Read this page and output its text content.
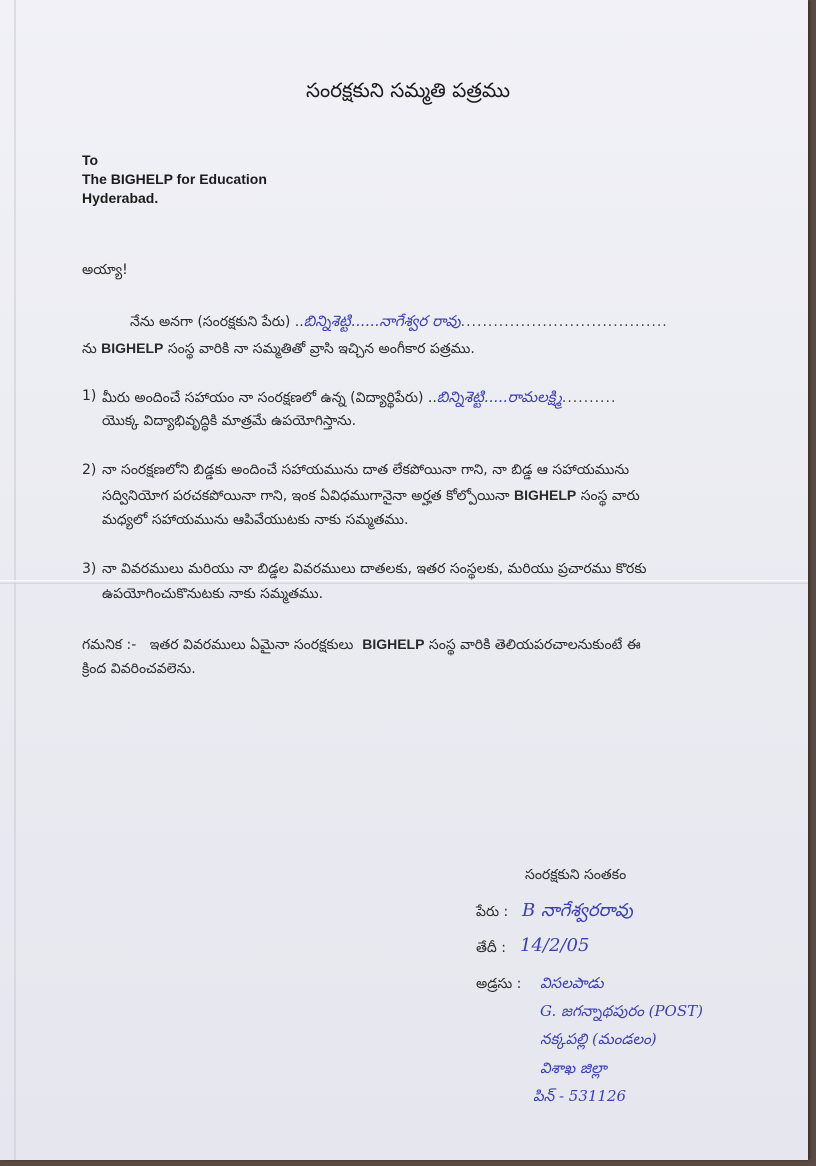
సంరక్షకుని సమ్మతి పత్రము
To
The BIGHELP for Education
Hyderabad.
అయ్యా!
నేను అనగా (సంరక్షకుని పేరు) ..బిన్నిశెట్టి......నాగేశ్వర రావు......................................
ను BIGHELP సంస్థ వారికి నా సమ్మతితో వ్రాసి ఇచ్చిన అంగీకార పత్రము.
1) మీరు అందించే సహాయం నా సంరక్షణలో ఉన్న (విద్యార్థిపేరు) ..బిన్నిశెట్టి.....రామలక్ష్మి..........
యొక్క విద్యాభివృద్ధికి మాత్రమే ఉపయోగిస్తాను.
2) నా సంరక్షణలోని బిడ్డకు అందించే సహాయమును దాత లేకపోయినా గాని, నా బిడ్డ ఆ సహాయమును
సద్వినియోగ పరచకపోయినా గాని, ఇంక ఏవిధముగానైనా అర్హత కోల్పోయినా BIGHELP సంస్థ వారు
మధ్యలో సహాయమును ఆపివేయుటకు నాకు సమ్మతము.
3) నా వివరములు మరియు నా బిడ్డల వివరములు దాతలకు, ఇతర సంస్థలకు, మరియు ప్రచారము కొరకు
ఉపయోగించుకొనుటకు నాకు సమ్మతము.
గమనిక :- ఇతర వివరములు ఏమైనా సంరక్షకులు BIGHELP సంస్థ వారికి తెలియపరచాలనుకుంటే ఈ
క్రింద వివరించవలెను.
సంరక్షకుని సంతకం
పేరు : B నాగేశ్వరరావు
తేదీ : 14/2/05
అడ్రసు : విసలపాడు
G. జగన్నాథపురం (POST)
నక్కపల్లి (మండలం)
విశాఖ జిల్లా
పిన్ - 531126
